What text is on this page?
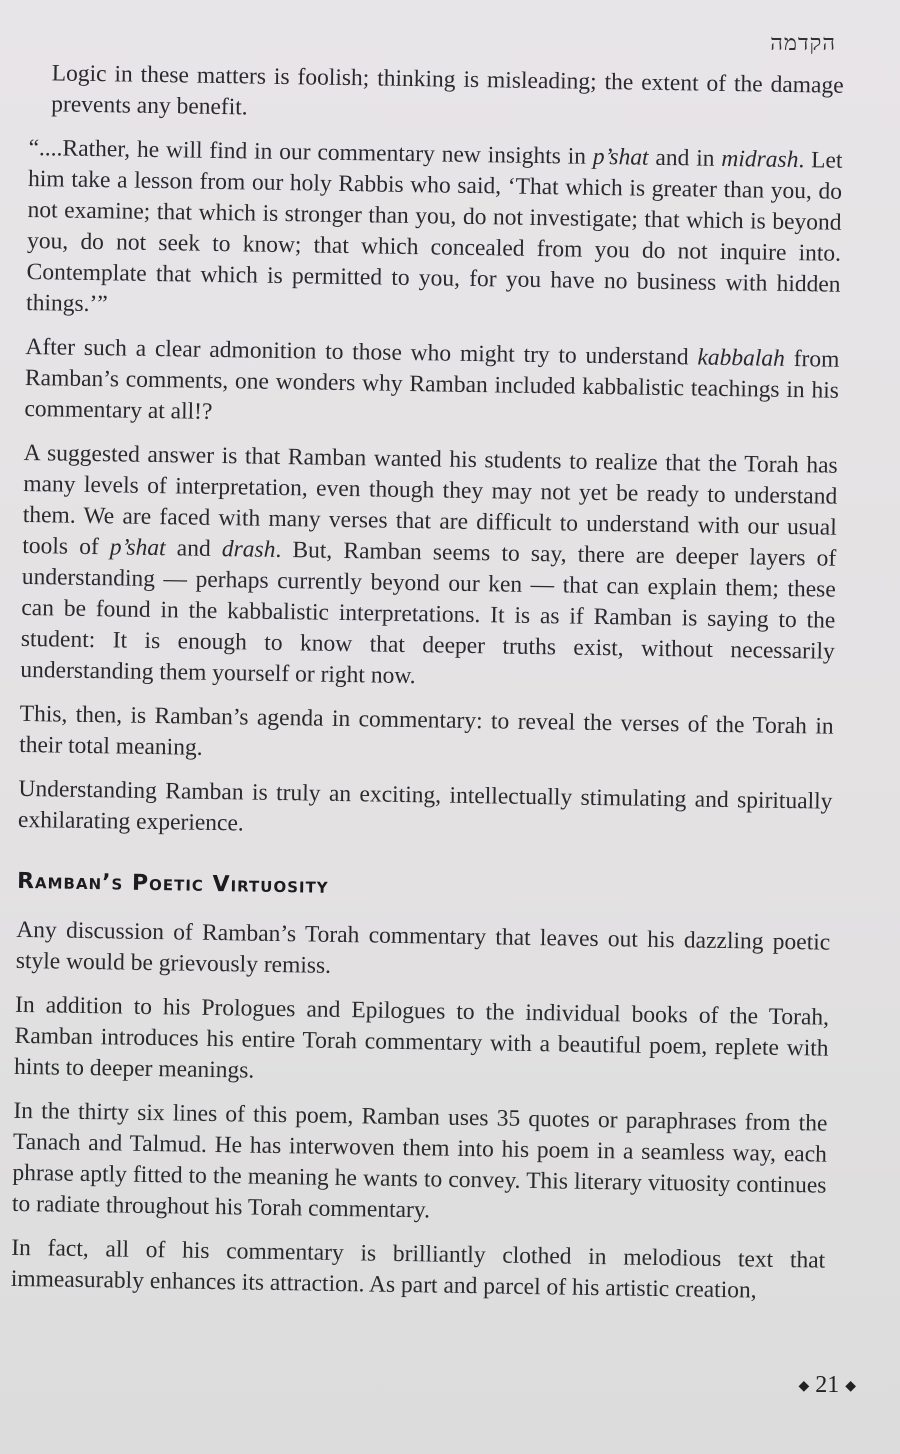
הקדמה

Logic in these matters is foolish; thinking is misleading; the extent of the damage prevents any benefit.

“....Rather, he will find in our commentary new insights in p’shat and in midrash. Let him take a lesson from our holy Rabbis who said, ‘That which is greater than you, do not examine; that which is stronger than you, do not investigate; that which is beyond you, do not seek to know; that which concealed from you do not inquire into. Contemplate that which is permitted to you, for you have no business with hidden things.’”

After such a clear admonition to those who might try to understand kabbalah from Ramban’s comments, one wonders why Ramban included kabbalistic teachings in his commentary at all!?

A suggested answer is that Ramban wanted his students to realize that the Torah has many levels of interpretation, even though they may not yet be ready to understand them. We are faced with many verses that are difficult to understand with our usual tools of p’shat and drash. But, Ramban seems to say, there are deeper layers of understanding — perhaps currently beyond our ken — that can explain them; these can be found in the kabbalistic interpretations. It is as if Ramban is saying to the student: It is enough to know that deeper truths exist, without necessarily understanding them yourself or right now.

This, then, is Ramban’s agenda in commentary: to reveal the verses of the Torah in their total meaning.

Understanding Ramban is truly an exciting, intellectually stimulating and spiritually exhilarating experience.

Ramban’s Poetic Virtuosity

Any discussion of Ramban’s Torah commentary that leaves out his dazzling poetic style would be grievously remiss.

In addition to his Prologues and Epilogues to the individual books of the Torah, Ramban introduces his entire Torah commentary with a beautiful poem, replete with hints to deeper meanings.

In the thirty six lines of this poem, Ramban uses 35 quotes or paraphrases from the Tanach and Talmud. He has interwoven them into his poem in a seamless way, each phrase aptly fitted to the meaning he wants to convey. This literary vituosity continues to radiate throughout his Torah commentary.

In fact, all of his commentary is brilliantly clothed in melodious text that immeasurably enhances its attraction. As part and parcel of his artistic creation,

◆ 21 ◆
